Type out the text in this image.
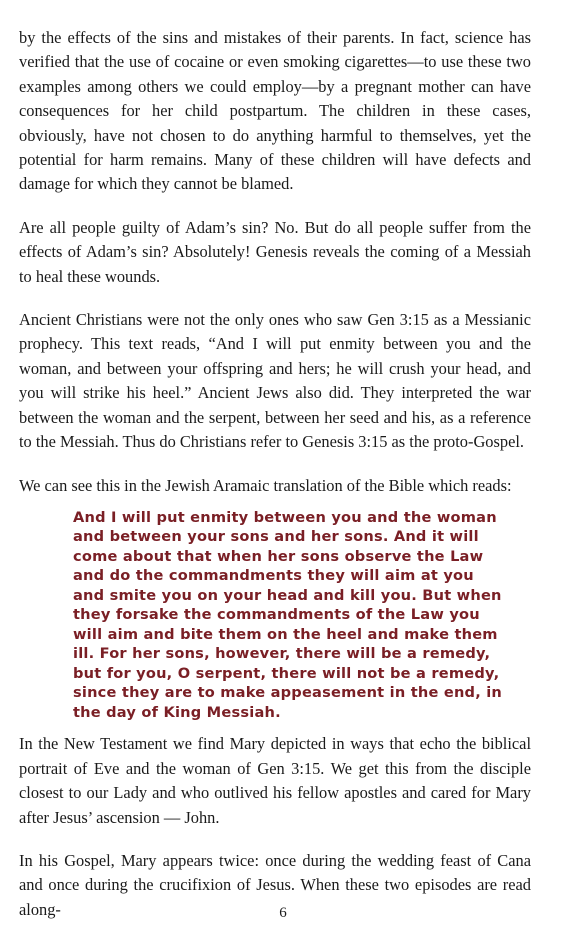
by the effects of the sins and mistakes of their parents. In fact, science has verified that the use of cocaine or even smoking cigarettes—to use these two examples among others we could employ—by a pregnant mother can have consequences for her child postpartum. The children in these cases, obviously, have not chosen to do anything harmful to themselves, yet the potential for harm remains. Many of these children will have defects and damage for which they cannot be blamed.

Are all people guilty of Adam’s sin? No. But do all people suffer from the effects of Adam’s sin? Absolutely! Genesis reveals the coming of a Messiah to heal these wounds.

Ancient Christians were not the only ones who saw Gen 3:15 as a Messianic prophecy. This text reads, “And I will put enmity between you and the woman, and between your offspring and hers; he will crush your head, and you will strike his heel.” Ancient Jews also did. They interpreted the war between the woman and the serpent, between her seed and his, as a reference to the Messiah. Thus do Christians refer to Genesis 3:15 as the proto-Gospel.

We can see this in the Jewish Aramaic translation of the Bible which reads:

And I will put enmity between you and the woman and between your sons and her sons. And it will come about that when her sons observe the Law and do the commandments they will aim at you and smite you on your head and kill you. But when they forsake the commandments of the Law you will aim and bite them on the heel and make them ill. For her sons, however, there will be a remedy, but for you, O serpent, there will not be a remedy, since they are to make appeasement in the end, in the day of King Messiah.

In the New Testament we find Mary depicted in ways that echo the biblical portrait of Eve and the woman of Gen 3:15. We get this from the disciple closest to our Lady and who outlived his fellow apostles and cared for Mary after Jesus’ ascension — John.

In his Gospel, Mary appears twice: once during the wedding feast of Cana and once during the crucifixion of Jesus. When these two episodes are read along-	6
